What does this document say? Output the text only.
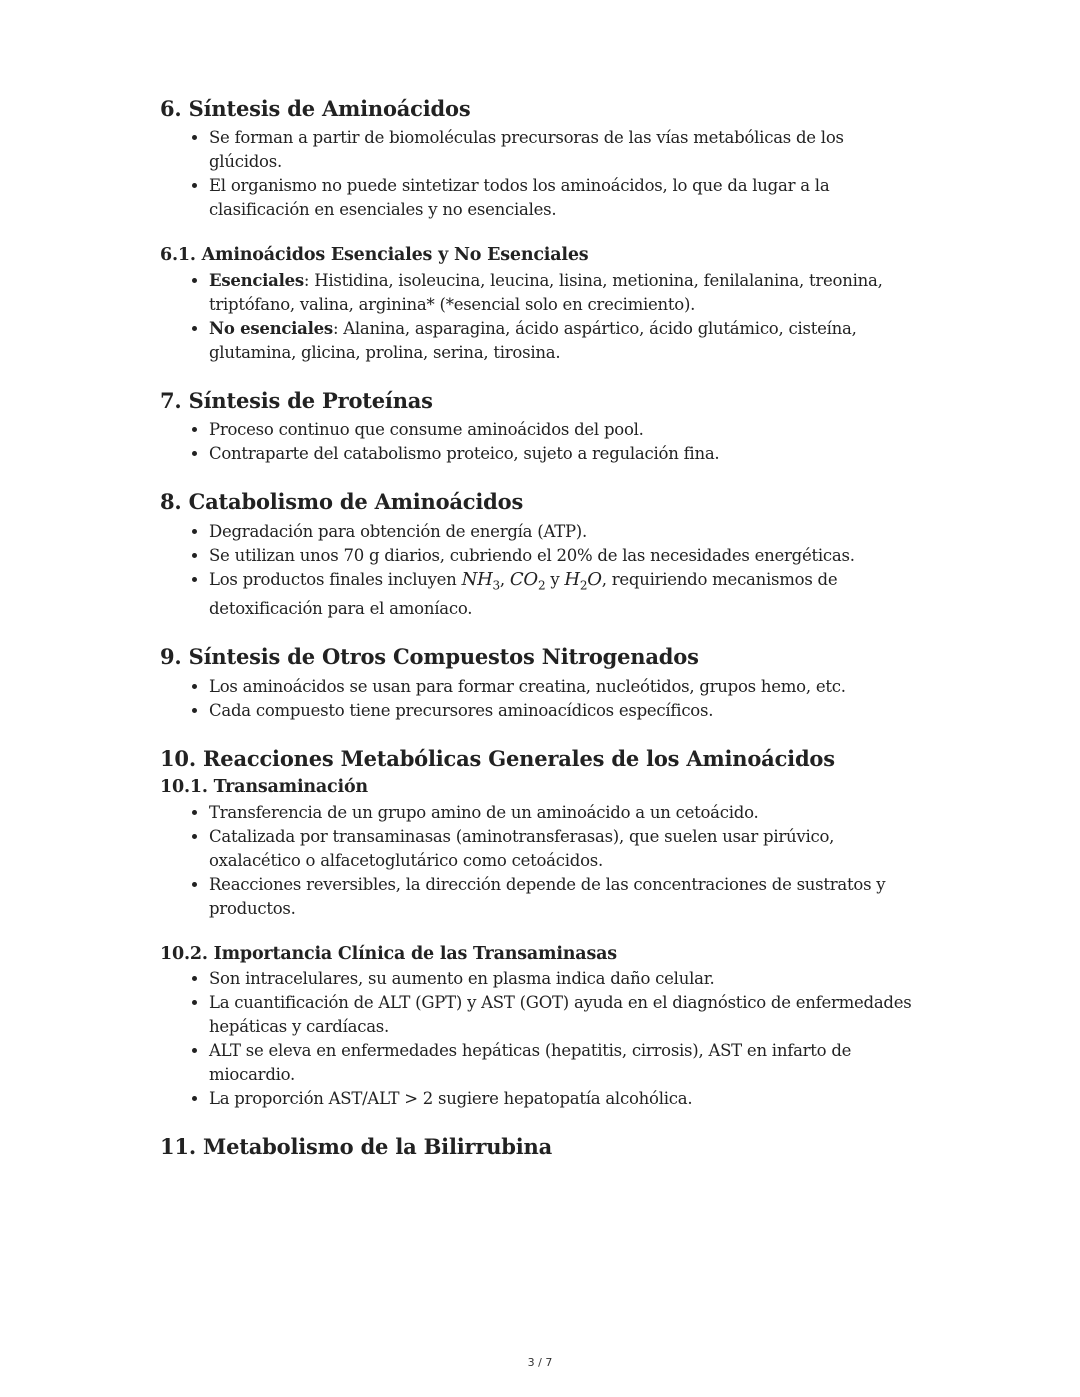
6. Síntesis de Aminoácidos
• Se forman a partir de biomoléculas precursoras de las vías metabólicas de los glúcidos.
• El organismo no puede sintetizar todos los aminoácidos, lo que da lugar a la clasificación en esenciales y no esenciales.
6.1. Aminoácidos Esenciales y No Esenciales
• Esenciales: Histidina, isoleucina, leucina, lisina, metionina, fenilalanina, treonina, triptófano, valina, arginina* (*esencial solo en crecimiento).
• No esenciales: Alanina, asparagina, ácido aspártico, ácido glutámico, cisteína, glutamina, glicina, prolina, serina, tirosina.
7. Síntesis de Proteínas
• Proceso continuo que consume aminoácidos del pool.
• Contraparte del catabolismo proteico, sujeto a regulación fina.
8. Catabolismo de Aminoácidos
• Degradación para obtención de energía (ATP).
• Se utilizan unos 70 g diarios, cubriendo el 20% de las necesidades energéticas.
• Los productos finales incluyen $NH_3$, $CO_2$ y $H_2O$, requiriendo mecanismos de detoxificación para el amoníaco.
9. Síntesis de Otros Compuestos Nitrogenados
• Los aminoácidos se usan para formar creatina, nucleótidos, grupos hemo, etc.
• Cada compuesto tiene precursores aminoacídicos específicos.
10. Reacciones Metabólicas Generales de los Aminoácidos
10.1. Transaminación
• Transferencia de un grupo amino de un aminoácido a un cetoácido.
• Catalizada por transaminasas (aminotransferasas), que suelen usar pirúvico, oxalacético o alfacetoglutárico como cetoácidos.
• Reacciones reversibles, la dirección depende de las concentraciones de sustratos y productos.
10.2. Importancia Clínica de las Transaminasas
• Son intracelulares, su aumento en plasma indica daño celular.
• La cuantificación de ALT (GPT) y AST (GOT) ayuda en el diagnóstico de enfermedades hepáticas y cardíacas.
• ALT se eleva en enfermedades hepáticas (hepatitis, cirrosis), AST en infarto de miocardio.
• La proporción AST/ALT > 2 sugiere hepatopatía alcohólica.
11. Metabolismo de la Bilirrubina
3 / 7
